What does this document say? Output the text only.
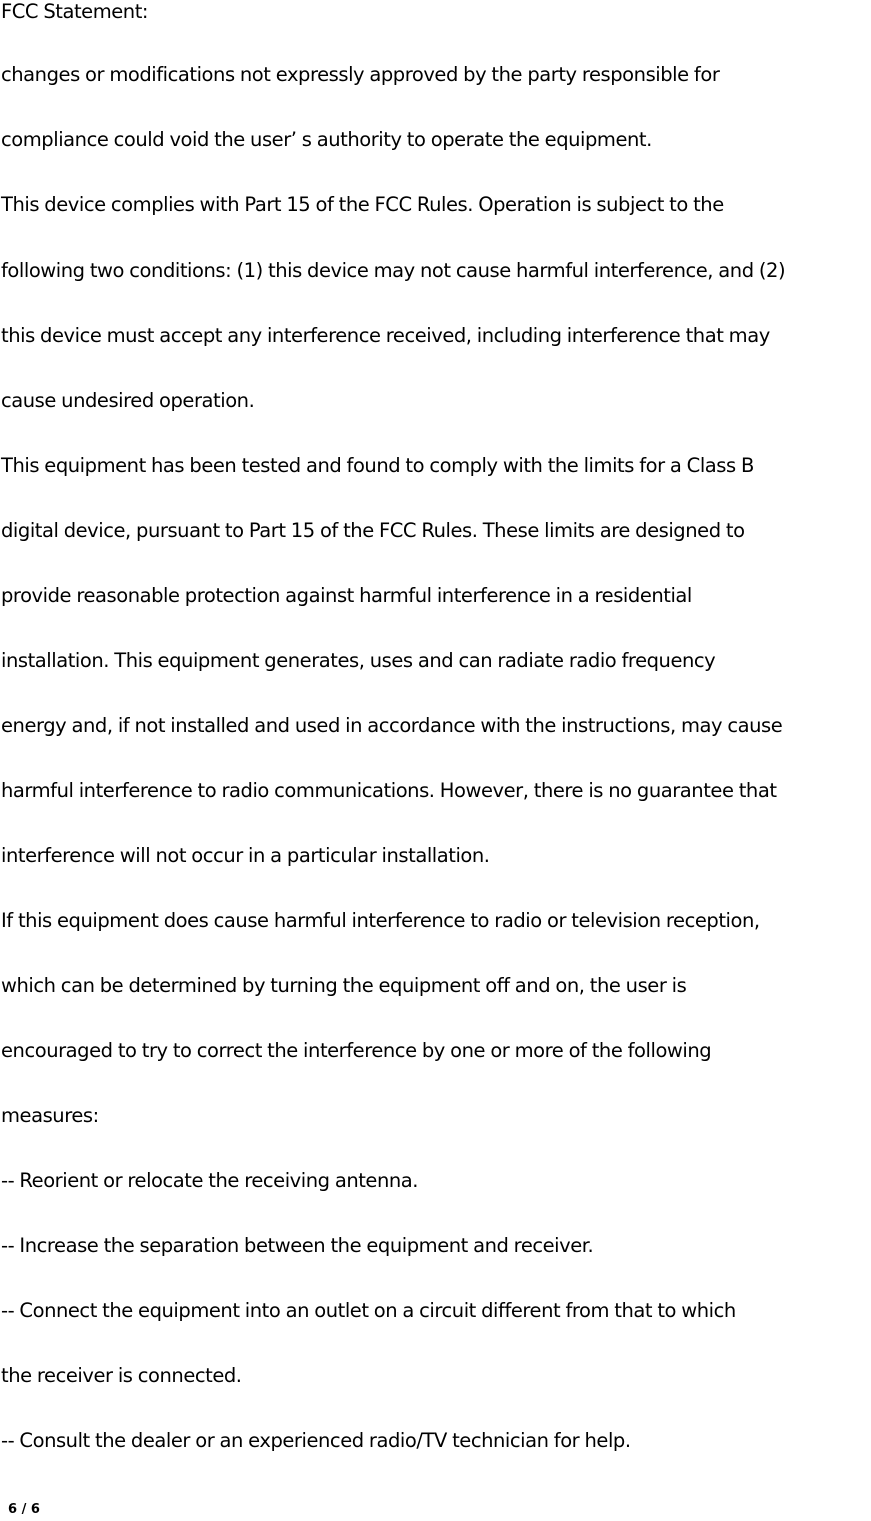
FCC Statement:
changes or modifications not expressly approved by the party responsible for
compliance could void the user’ s authority to operate the equipment.
This device complies with Part 15 of the FCC Rules. Operation is subject to the
following two conditions: (1) this device may not cause harmful interference, and (2)
this device must accept any interference received, including interference that may
cause undesired operation.
This equipment has been tested and found to comply with the limits for a Class B
digital device, pursuant to Part 15 of the FCC Rules. These limits are designed to
provide reasonable protection against harmful interference in a residential
installation. This equipment generates, uses and can radiate radio frequency
energy and, if not installed and used in accordance with the instructions, may cause
harmful interference to radio communications. However, there is no guarantee that
interference will not occur in a particular installation.
If this equipment does cause harmful interference to radio or television reception,
which can be determined by turning the equipment off and on, the user is
encouraged to try to correct the interference by one or more of the following
measures:
-- Reorient or relocate the receiving antenna.
-- Increase the separation between the equipment and receiver.
-- Connect the equipment into an outlet on a circuit different from that to which
the receiver is connected.
-- Consult the dealer or an experienced radio/TV technician for help.
6 / 6
